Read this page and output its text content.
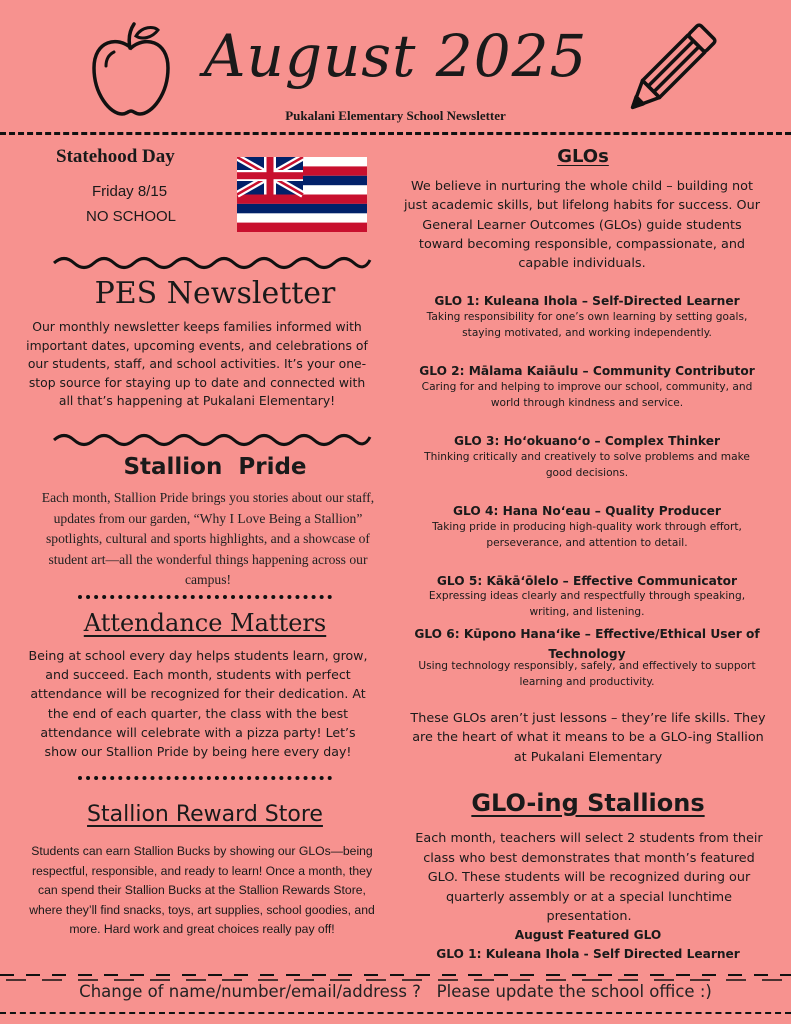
August 2025
Pukalani Elementary School Newsletter
Statehood Day
Friday 8/15
NO SCHOOL
PES Newsletter
Our monthly newsletter keeps families informed with important dates, upcoming events, and celebrations of our students, staff, and school activities. It’s your one-stop source for staying up to date and connected with all that’s happening at Pukalani Elementary!
Stallion  Pride
Each month, Stallion Pride brings you stories about our staff, updates from our garden, “Why I Love Being a Stallion” spotlights, cultural and sports highlights, and a showcase of student art—all the wonderful things happening across our campus!
Attendance Matters
Being at school every day helps students learn, grow, and succeed. Each month, students with perfect attendance will be recognized for their dedication. At the end of each quarter, the class with the best attendance will celebrate with a pizza party! Let’s show our Stallion Pride by being here every day!
Stallion Reward Store
Students can earn Stallion Bucks by showing our GLOs—being respectful, responsible, and ready to learn! Once a month, they can spend their Stallion Bucks at the Stallion Rewards Store, where they’ll find snacks, toys, art supplies, school goodies, and more. Hard work and great choices really pay off!
GLOs
We believe in nurturing the whole child – building not just academic skills, but lifelong habits for success. Our General Learner Outcomes (GLOs) guide students toward becoming responsible, compassionate, and capable individuals.
GLO 1: Kuleana Ihola – Self-Directed Learner
Taking responsibility for one’s own learning by setting goals, staying motivated, and working independently.
GLO 2: Mālama Kaiāulu – Community Contributor
Caring for and helping to improve our school, community, and world through kindness and service.
GLO 3: Hoʻokuanoʻo – Complex Thinker
Thinking critically and creatively to solve problems and make good decisions.
GLO 4: Hana Noʻeau – Quality Producer
Taking pride in producing high-quality work through effort, perseverance, and attention to detail.
GLO 5: Kākāʻōlelo – Effective Communicator
Expressing ideas clearly and respectfully through speaking, writing, and listening.
GLO 6: Kūpono Hanaʻike – Effective/Ethical User of Technology
Using technology responsibly, safely, and effectively to support learning and productivity.
These GLOs aren’t just lessons – they’re life skills. They are the heart of what it means to be a GLO-ing Stallion at Pukalani Elementary
GLO-ing Stallions
Each month, teachers will select 2 students from their class who best demonstrates that month’s featured GLO. These students will be recognized during our quarterly assembly or at a special lunchtime presentation.
August Featured GLO
GLO 1: Kuleana Ihola - Self Directed Learner
Change of name/number/email/address ?   Please update the school office :)
